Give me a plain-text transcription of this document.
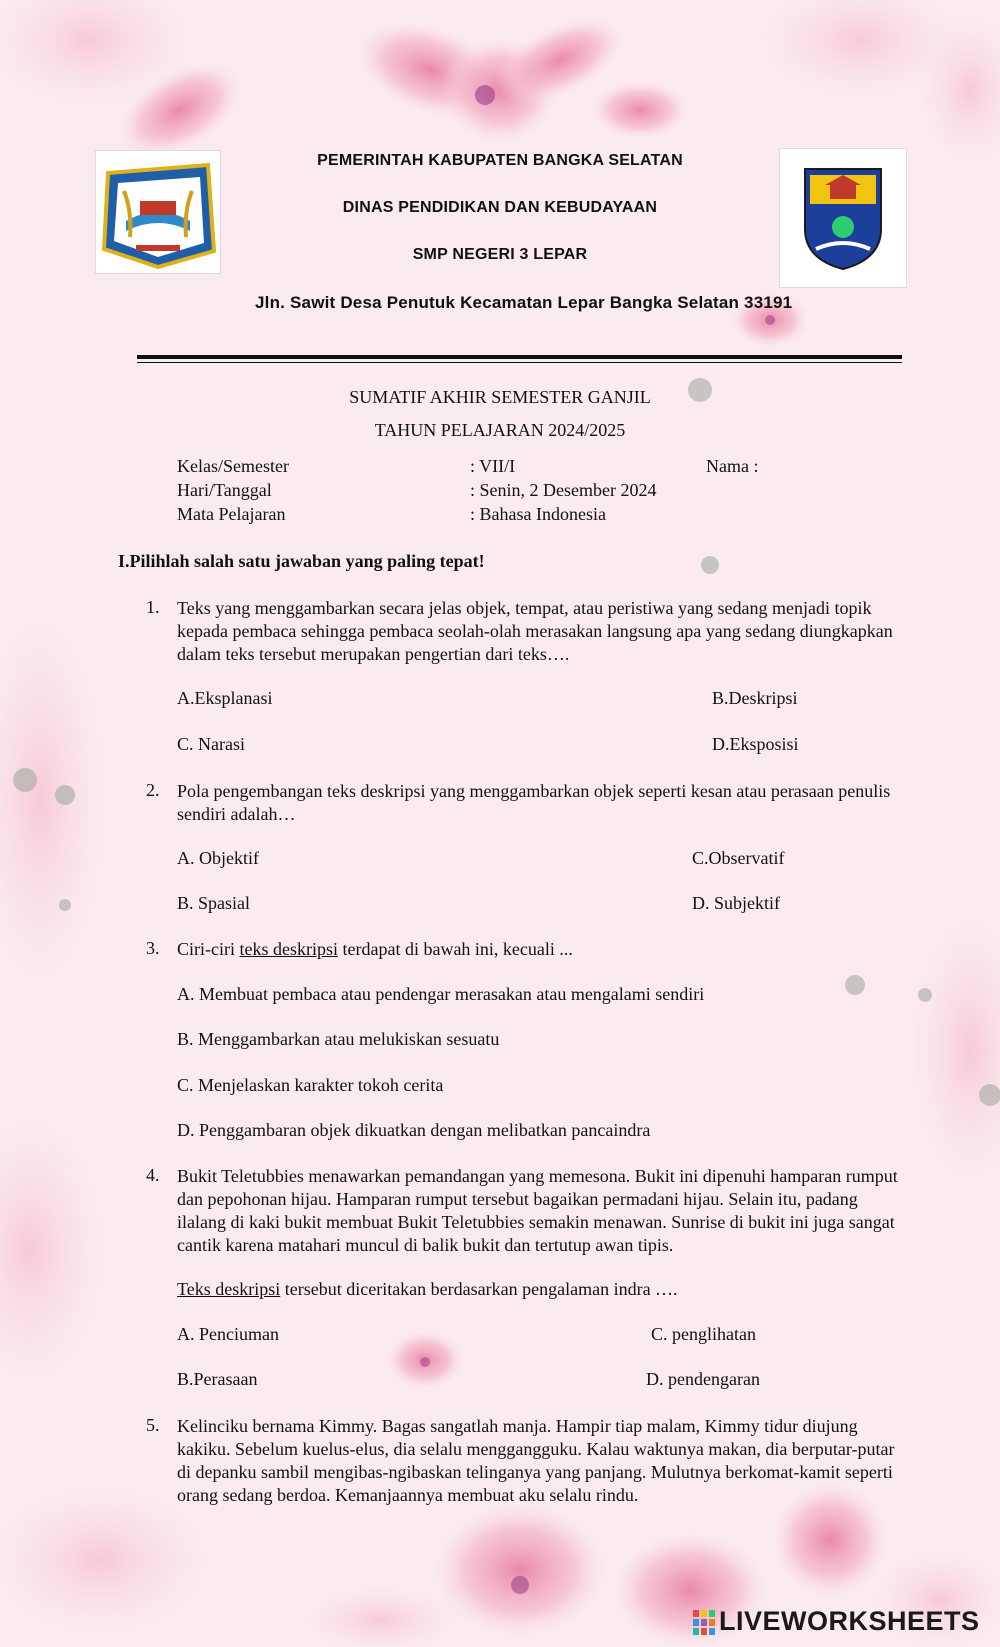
PEMERINTAH KABUPATEN BANGKA SELATAN
DINAS PENDIDIKAN DAN KEBUDAYAAN
SMP NEGERI 3 LEPAR
Jln. Sawit Desa Penutuk Kecamatan Lepar Bangka Selatan 33191
SUMATIF AKHIR SEMESTER GANJIL
TAHUN PELAJARAN 2024/2025
Kelas/Semester	: VII/I	Nama :
Hari/Tanggal	: Senin, 2 Desember 2024
Mata Pelajaran	: Bahasa Indonesia
I.Pilihlah salah satu jawaban yang paling tepat!
1. Teks yang menggambarkan secara jelas objek, tempat, atau peristiwa yang sedang menjadi topik kepada pembaca sehingga pembaca seolah-olah merasakan langsung apa yang sedang diungkapkan dalam teks tersebut merupakan pengertian dari teks….
A.Eksplanasi	B.Deskripsi
C. Narasi	D.Eksposisi
2. Pola pengembangan teks deskripsi yang menggambarkan objek seperti kesan atau perasaan penulis sendiri adalah…
A. Objektif	C.Observatif
B. Spasial	D. Subjektif
3. Ciri-ciri teks deskripsi terdapat di bawah ini, kecuali ...
A. Membuat pembaca atau pendengar merasakan atau mengalami sendiri
B. Menggambarkan atau melukiskan sesuatu
C. Menjelaskan karakter tokoh cerita
D. Penggambaran objek dikuatkan dengan melibatkan pancaindra
4. Bukit Teletubbies menawarkan pemandangan yang memesona. Bukit ini dipenuhi hamparan rumput dan pepohonan hijau. Hamparan rumput tersebut bagaikan permadani hijau. Selain itu, padang ilalang di kaki bukit membuat Bukit Teletubbies semakin menawan. Sunrise di bukit ini juga sangat cantik karena matahari muncul di balik bukit dan tertutup awan tipis.
Teks deskripsi tersebut diceritakan berdasarkan pengalaman indra ….
A. Penciuman	C. penglihatan
B.Perasaan	D. pendengaran
5. Kelinciku bernama Kimmy. Bagas sangatlah manja. Hampir tiap malam, Kimmy tidur diujung kakiku. Sebelum kuelus-elus, dia selalu menggangguku. Kalau waktunya makan, dia berputar-putar di depanku sambil mengibas-ngibaskan telinganya yang panjang. Mulutnya berkomat-kamit seperti orang sedang berdoa. Kemanjaannya membuat aku selalu rindu.
LIVEWORKSHEETS
